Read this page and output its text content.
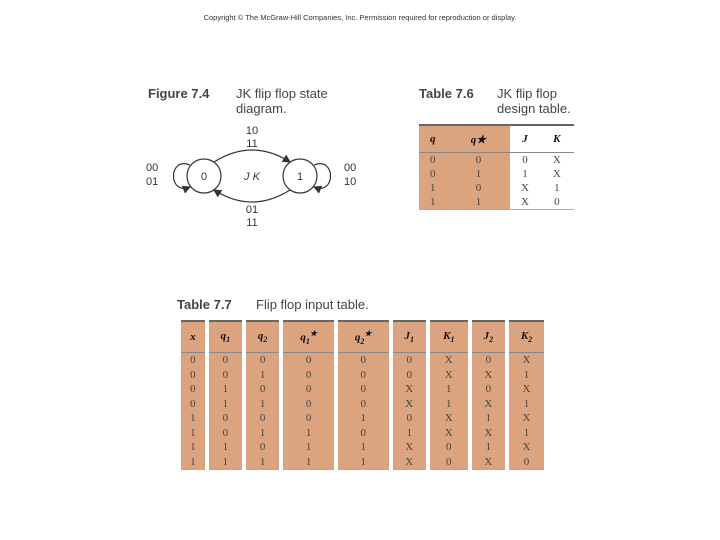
Copyright © The McGraw-Hill Companies, Inc. Permission required for reproduction or display.
Figure 7.4 JK flip flop state diagram.
0	1
J K
10
11
01
11
00
01
00
10
Table 7.6 JK flip flop design table.
q	q★	J	K
0	0	0	X
0	1	1	X
1	0	X	1
1	1	X	0
Table 7.7 Flip flop input table.
x	$q_1$	$q_2$	$q_1^★$	$q_2^★$	$J_1$	$K_1$	$J_2$	$K_2$
0	0	0	0	0	0	X	0	X
0	0	1	0	0	0	X	X	1
0	1	0	0	0	X	1	0	X
0	1	1	0	0	X	1	X	1
1	0	0	0	1	0	X	1	X
1	0	1	1	0	1	X	X	1
1	1	0	1	1	X	0	1	X
1	1	1	1	1	X	0	X	0
